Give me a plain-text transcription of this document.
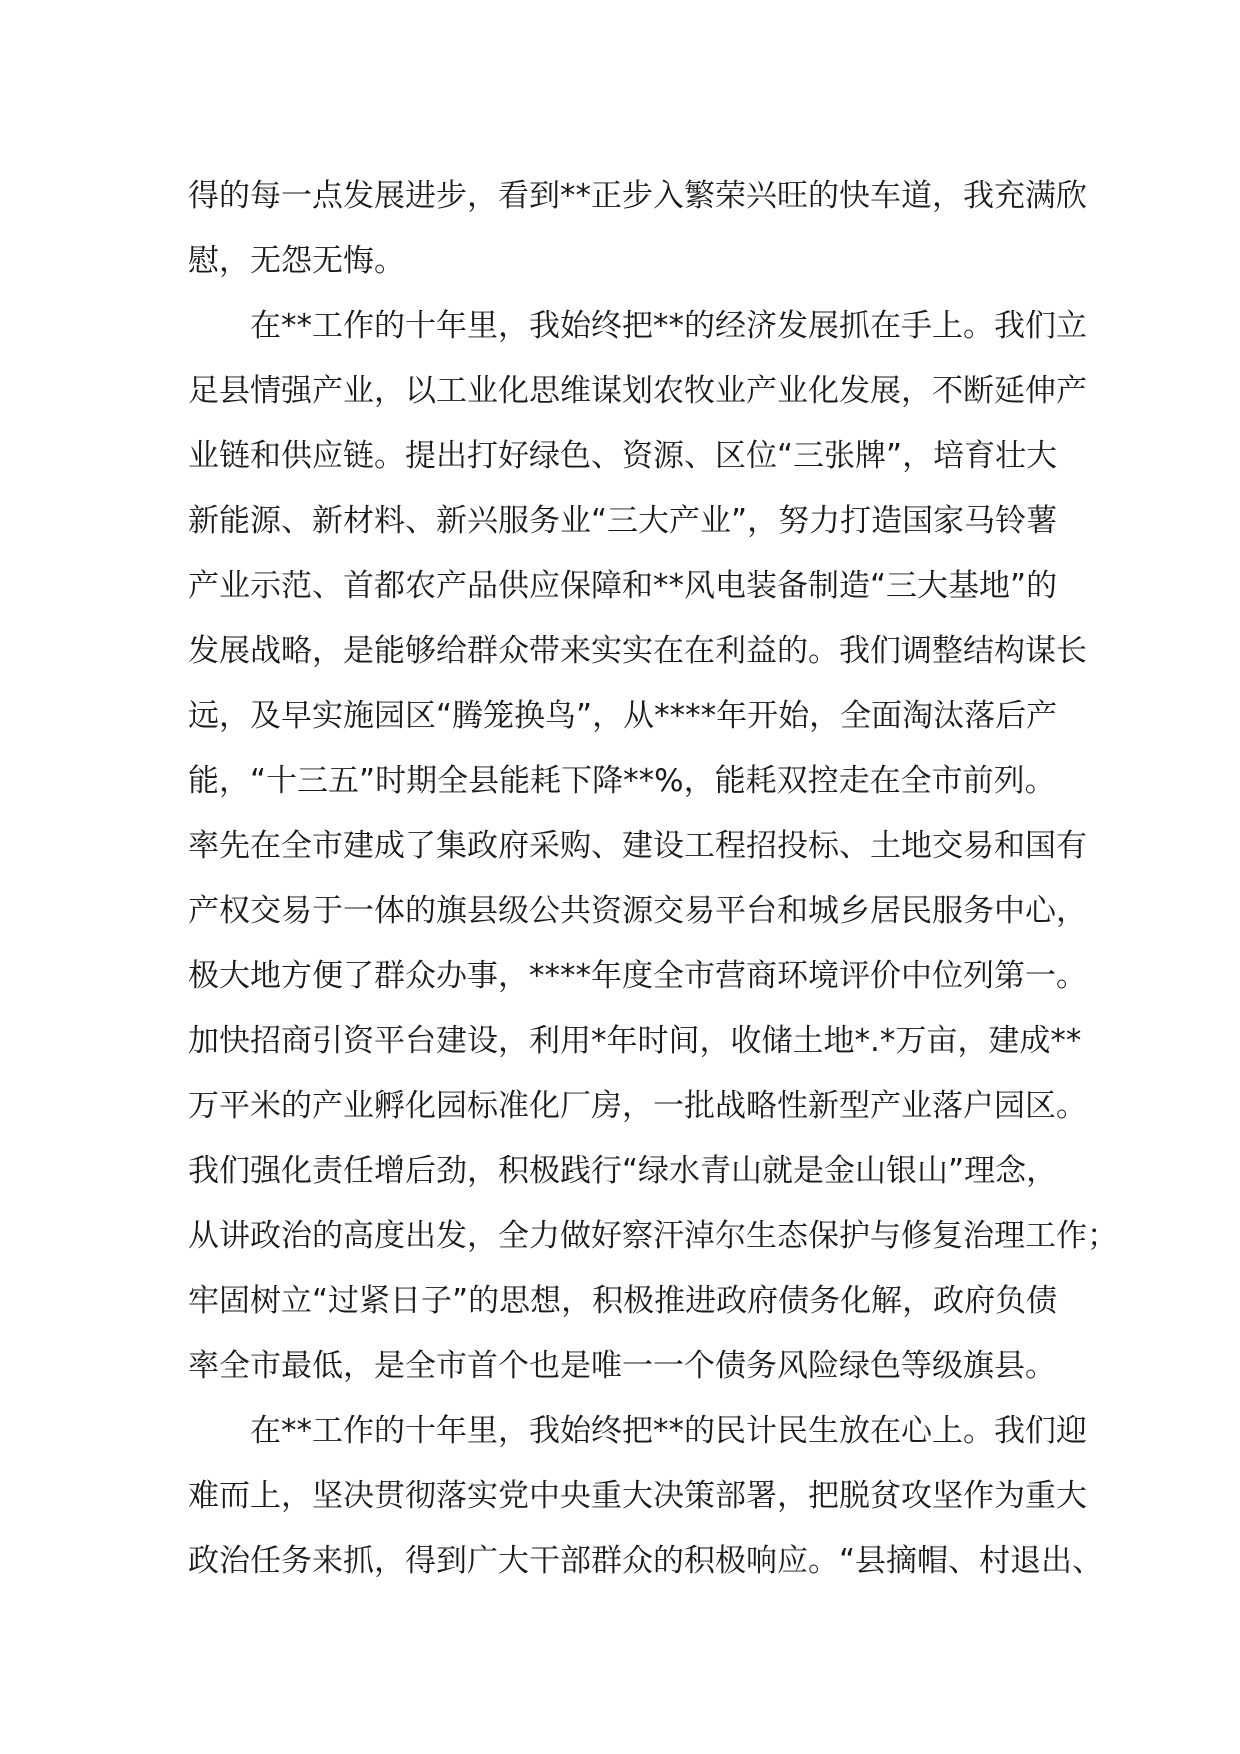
得的每一点发展进步，看到**正步入繁荣兴旺的快车道，我充满欣
慰，无怨无悔。
　　在**工作的十年里，我始终把**的经济发展抓在手上。我们立
足县情强产业，以工业化思维谋划农牧业产业化发展，不断延伸产
业链和供应链。提出打好绿色、资源、区位“三张牌”，培育壮大
新能源、新材料、新兴服务业“三大产业”，努力打造国家马铃薯
产业示范、首都农产品供应保障和**风电装备制造“三大基地”的
发展战略，是能够给群众带来实实在在利益的。我们调整结构谋长
远，及早实施园区“腾笼换鸟”，从****年开始，全面淘汰落后产
能，“十三五”时期全县能耗下降**%，能耗双控走在全市前列。
率先在全市建成了集政府采购、建设工程招投标、土地交易和国有
产权交易于一体的旗县级公共资源交易平台和城乡居民服务中心，
极大地方便了群众办事，****年度全市营商环境评价中位列第一。
加快招商引资平台建设，利用*年时间，收储土地*.*万亩，建成**
万平米的产业孵化园标准化厂房，一批战略性新型产业落户园区。
我们强化责任增后劲，积极践行“绿水青山就是金山银山”理念，
从讲政治的高度出发，全力做好察汗淖尔生态保护与修复治理工作；
牢固树立“过紧日子”的思想，积极推进政府债务化解，政府负债
率全市最低，是全市首个也是唯一一个债务风险绿色等级旗县。
　　在**工作的十年里，我始终把**的民计民生放在心上。我们迎
难而上，坚决贯彻落实党中央重大决策部署，把脱贫攻坚作为重大
政治任务来抓，得到广大干部群众的积极响应。“县摘帽、村退出、
